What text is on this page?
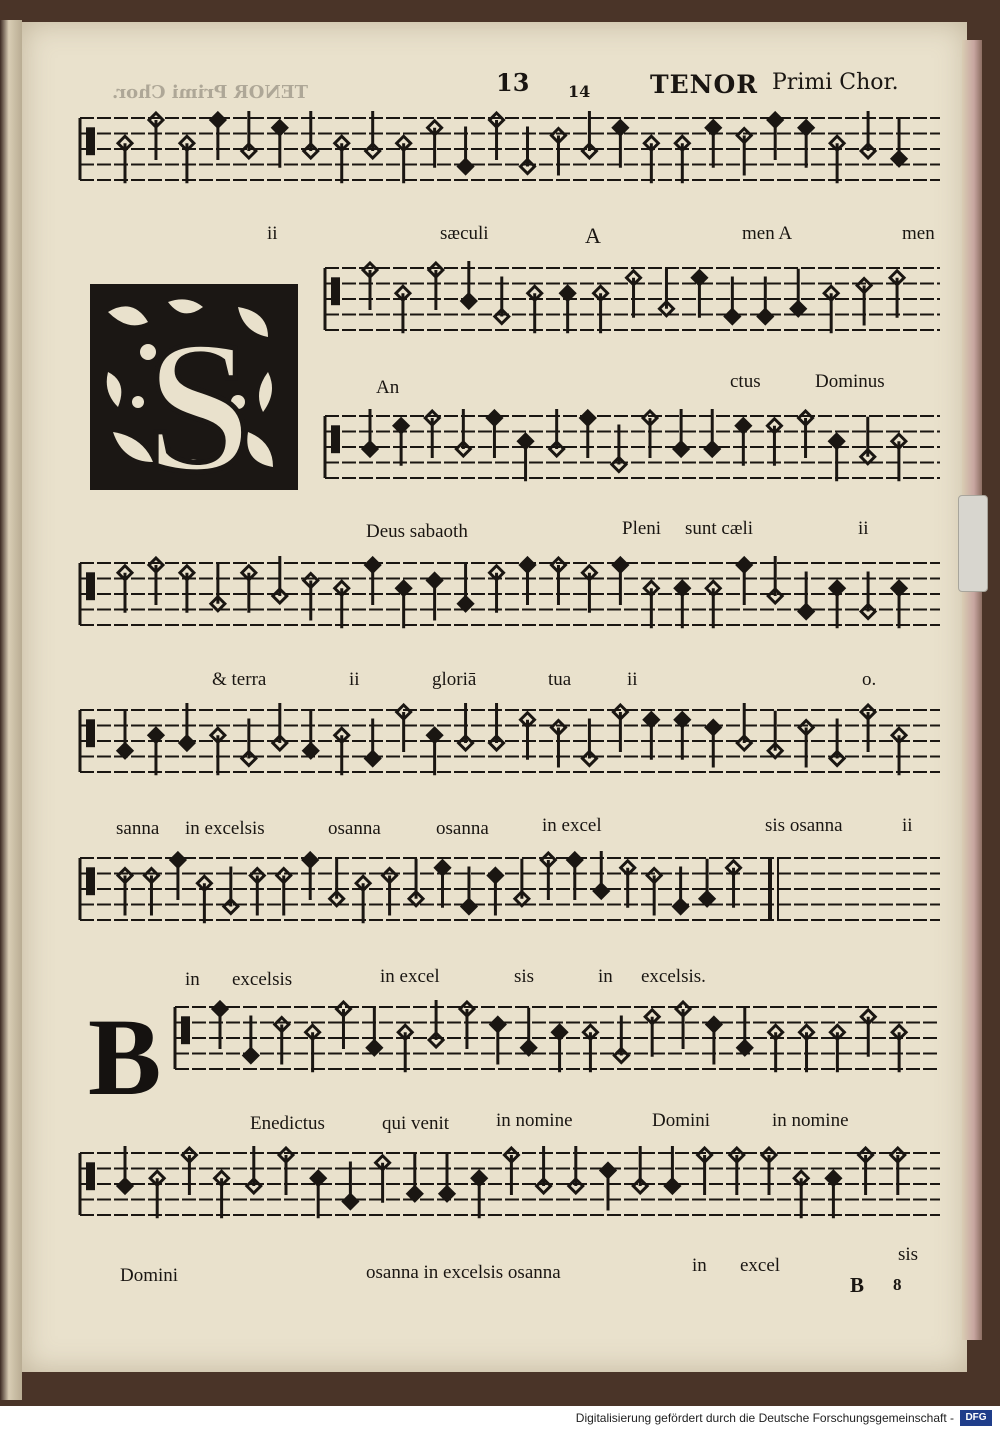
13 14 TENOR Primi Chor.
TENOR Primi Chor.
S
B
ii	sæculi	A	men A	men
An	ctus	Dominus
Deus sabaoth	Pleni sunt cæli	ii
& terra	ii	gloriā	tua	ii	o.
sanna in excelsis	osanna	osanna	in excel	sis osanna	ii
in excelsis	in excel	sis	in excelsis.
Enedictus	qui venit in nomine	Domini	in nomine
Domini	osanna in excelsis osanna	in excel
sis
B 8
Digitalisierung gefördert durch die Deutsche Forschungsgemeinschaft -	DFG
